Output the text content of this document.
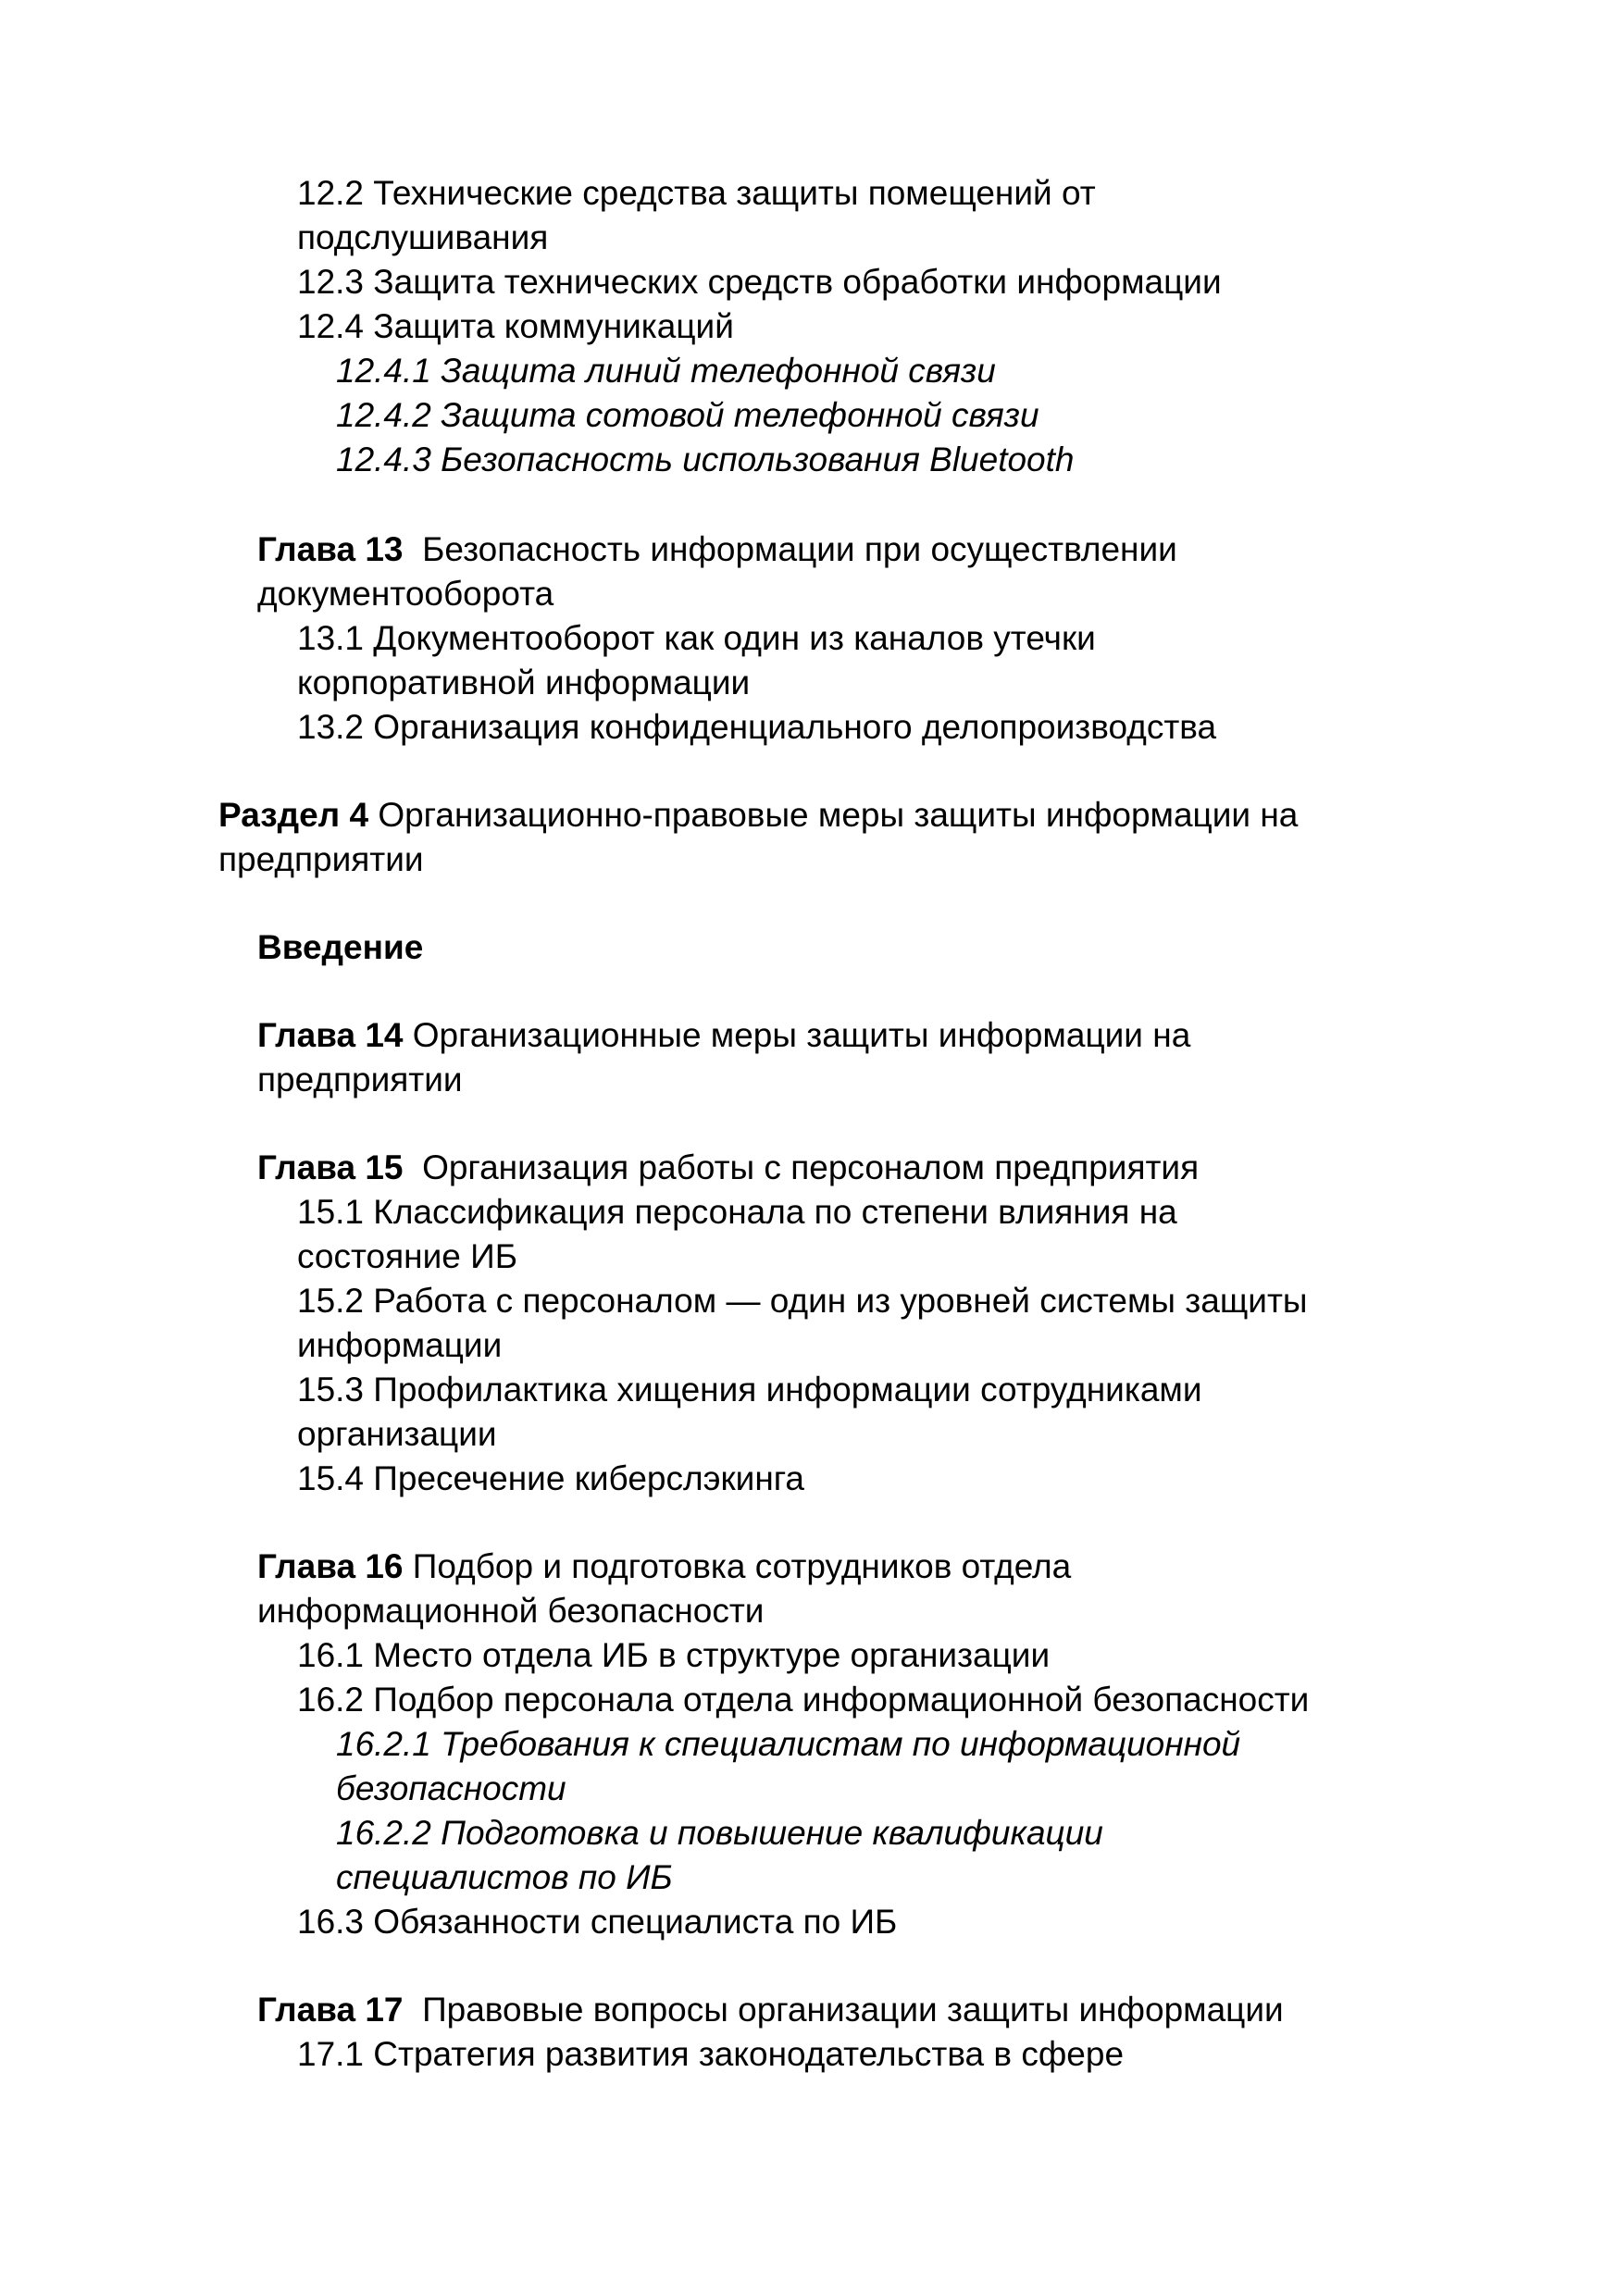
12.2 Технические средства защиты помещений от
подслушивания
12.3 Защита технических средств обработки информации
12.4 Защита коммуникаций
12.4.1 Защита линий телефонной связи
12.4.2 Защита сотовой телефонной связи
12.4.3 Безопасность использования Bluetooth
Глава 13 Безопасность информации при осуществлении
документооборота
13.1 Документооборот как один из каналов утечки
корпоративной информации
13.2 Организация конфиденциального делопроизводства
Раздел 4 Организационно-правовые меры защиты информации на
предприятии
Введение
Глава 14 Организационные меры защиты информации на
предприятии
Глава 15 Организация работы с персоналом предприятия
15.1 Классификация персонала по степени влияния на
состояние ИБ
15.2 Работа с персоналом — один из уровней системы защиты
информации
15.3 Профилактика хищения информации сотрудниками
организации
15.4 Пресечение киберслэкинга
Глава 16 Подбор и подготовка сотрудников отдела
информационной безопасности
16.1 Место отдела ИБ в структуре организации
16.2 Подбор персонала отдела информационной безопасности
16.2.1 Требования к специалистам по информационной
безопасности
16.2.2 Подготовка и повышение квалификации
специалистов по ИБ
16.3 Обязанности специалиста по ИБ
Глава 17 Правовые вопросы организации защиты информации
17.1 Стратегия развития законодательства в сфере
